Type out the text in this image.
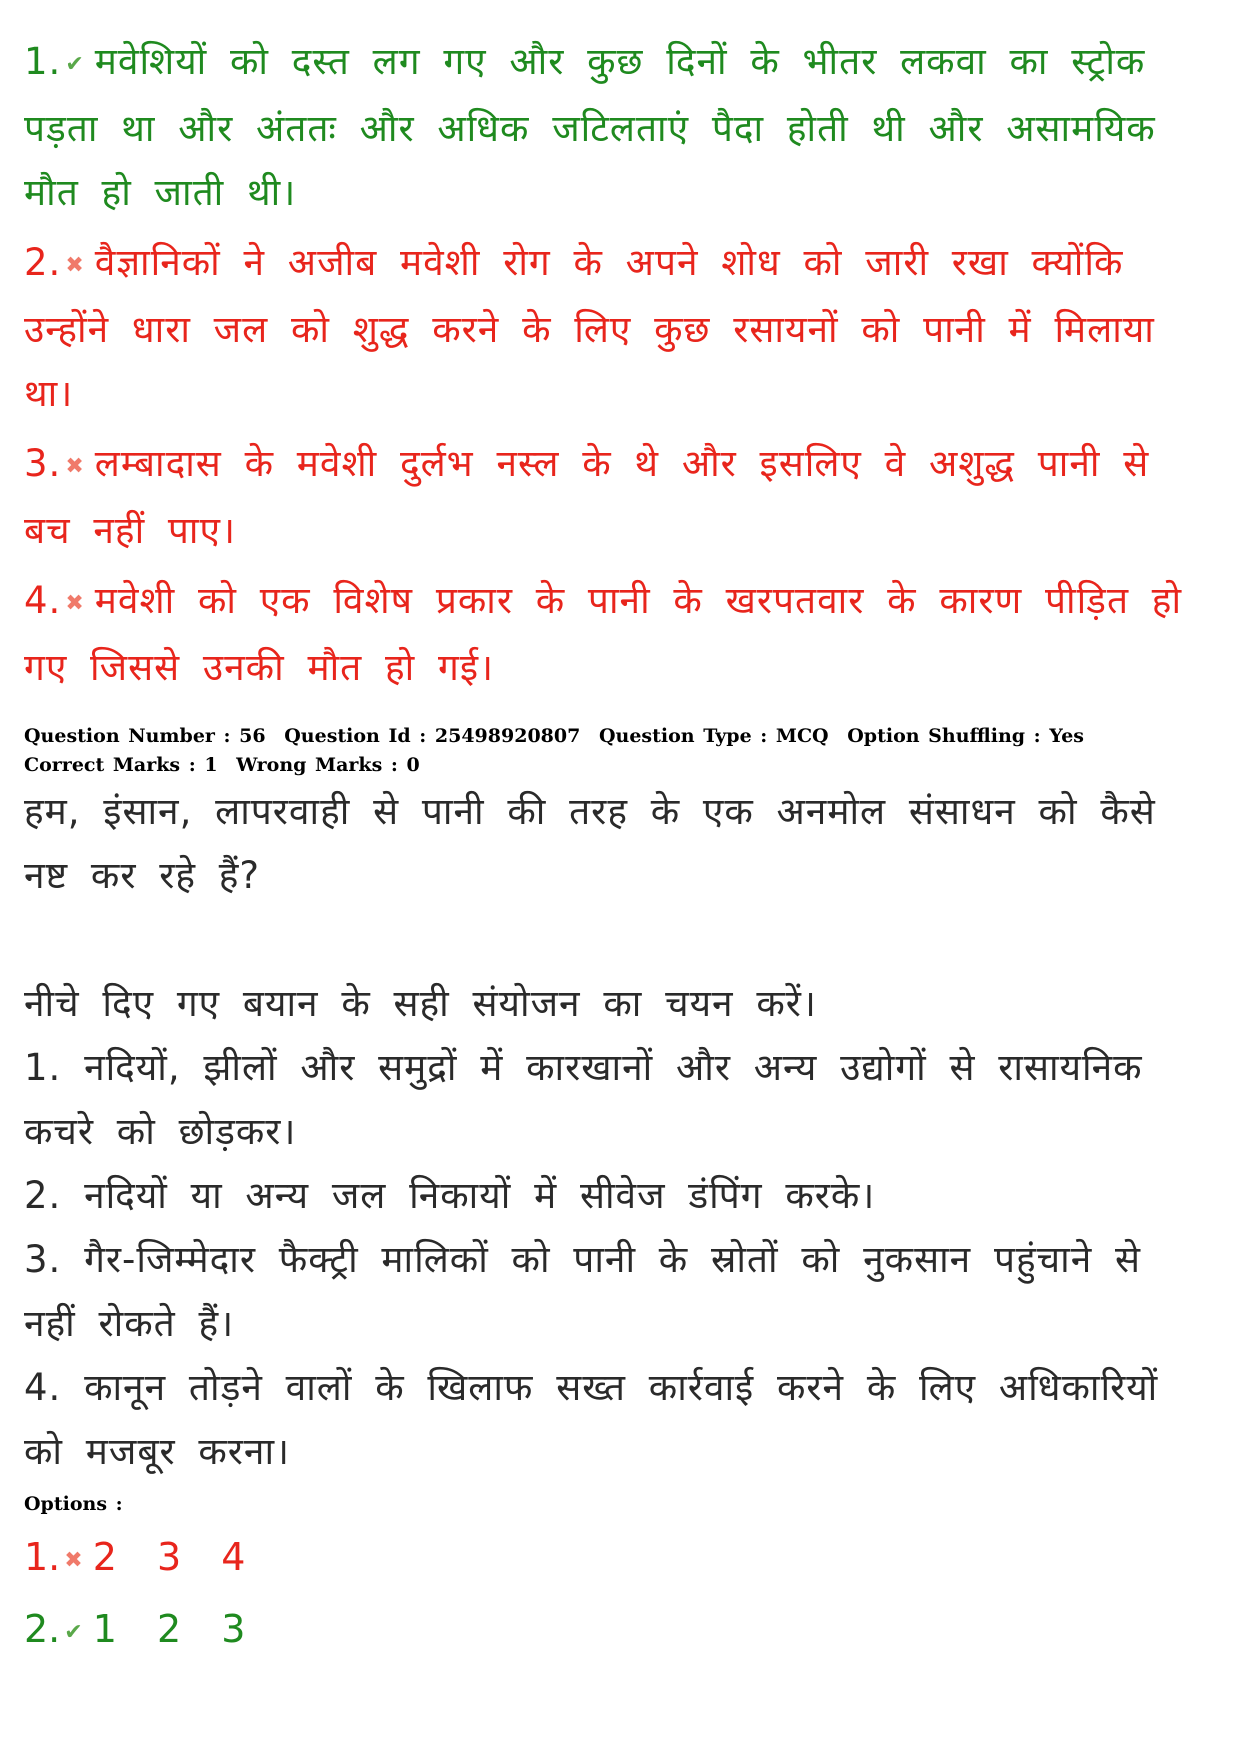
1. ✔ मवेशियों को दस्त लग गए और कुछ दिनों के भीतर लकवा का स्ट्रोक पड़ता था और अंततः और अधिक जटिलताएं पैदा होती थी और असामयिक मौत हो जाती थी।
2. ✖ वैज्ञानिकों ने अजीब मवेशी रोग के अपने शोध को जारी रखा क्योंकि उन्होंने धारा जल को शुद्ध करने के लिए कुछ रसायनों को पानी में मिलाया था।
3. ✖ लम्बादास के मवेशी दुर्लभ नस्ल के थे और इसलिए वे अशुद्ध पानी से बच नहीं पाए।
4. ✖ मवेशी को एक विशेष प्रकार के पानी के खरपतवार के कारण पीड़ित हो गए जिससे उनकी मौत हो गई।
Question Number : 56 Question Id : 25498920807 Question Type : MCQ Option Shuffling : Yes
Correct Marks : 1 Wrong Marks : 0
हम, इंसान, लापरवाही से पानी की तरह के एक अनमोल संसाधन को कैसे नष्ट कर रहे हैं?
नीचे दिए गए बयान के सही संयोजन का चयन करें।
1. नदियों, झीलों और समुद्रों में कारखानों और अन्य उद्योगों से रासायनिक कचरे को छोड़कर।
2. नदियों या अन्य जल निकायों में सीवेज डंपिंग करके।
3. गैर-जिम्मेदार फैक्ट्री मालिकों को पानी के स्रोतों को नुकसान पहुंचाने से नहीं रोकते हैं।
4. कानून तोड़ने वालों के खिलाफ सख्त कार्रवाई करने के लिए अधिकारियों को मजबूर करना।
Options :
1. ✖ 2 3 4
2. ✔ 1 2 3
